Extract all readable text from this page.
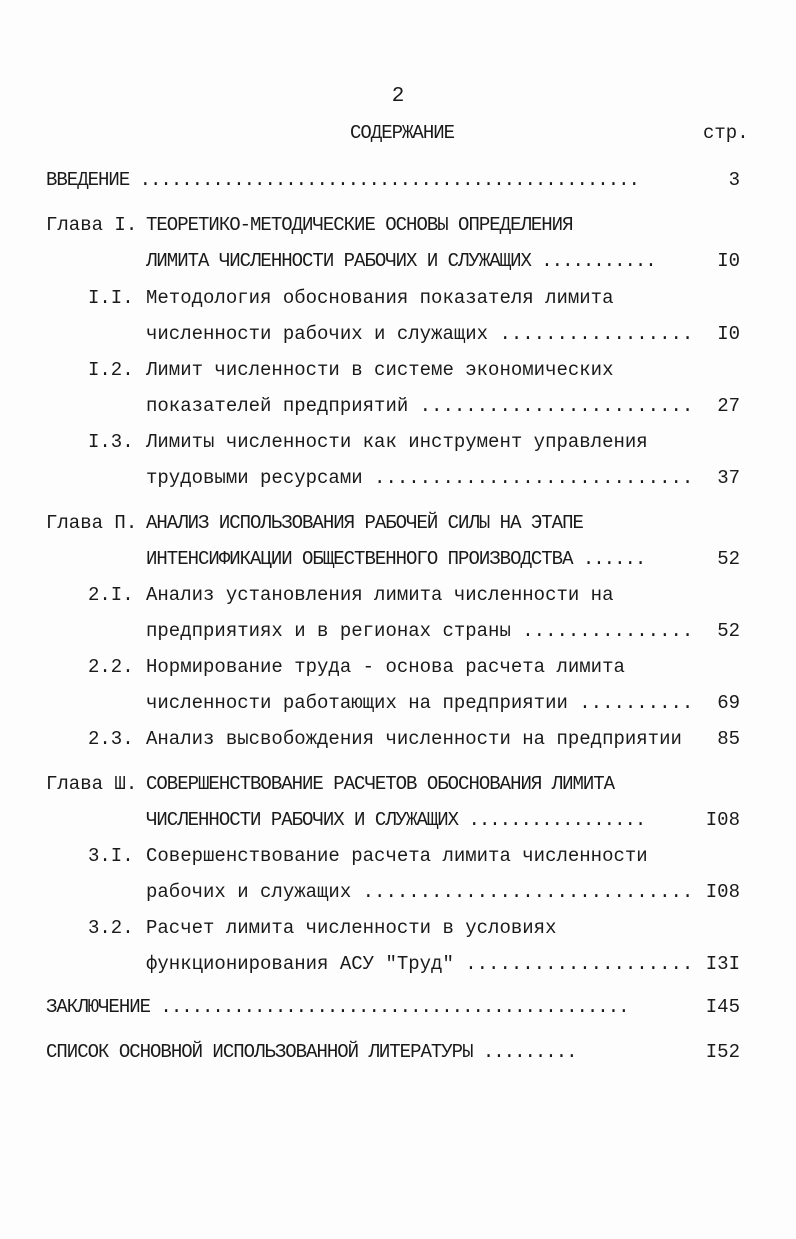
2
СОДЕРЖАНИЕ	стр.
ВВЕДЕНИЕ ................................................	3
Глава I. ТЕОРЕТИКО-МЕТОДИЧЕСКИЕ ОСНОВЫ ОПРЕДЕЛЕНИЯ
ЛИМИТА ЧИСЛЕННОСТИ РАБОЧИХ И СЛУЖАЩИХ ...........	I0
I.I. Методология обоснования показателя лимита
численности рабочих и служащих .................	I0
I.2. Лимит численности в системе экономических
показателей предприятий ........................	27
I.3. Лимиты численности как инструмент управления
трудовыми ресурсами ............................	37
Глава П. АНАЛИЗ ИСПОЛЬЗОВАНИЯ РАБОЧЕЙ СИЛЫ НА ЭТАПЕ
ИНТЕНСИФИКАЦИИ ОБЩЕСТВЕННОГО ПРОИЗВОДСТВА ......	52
2.I. Анализ установления лимита численности на
предприятиях и в регионах страны ...............	52
2.2. Нормирование труда - основа расчета лимита
численности работающих на предприятии ..........	69
2.3. Анализ высвобождения численности на предприятии	85
Глава Ш. СОВЕРШЕНСТВОВАНИЕ РАСЧЕТОВ ОБОСНОВАНИЯ ЛИМИТА
ЧИСЛЕННОСТИ РАБОЧИХ И СЛУЖАЩИХ .................	I08
3.I. Совершенствование расчета лимита численности
рабочих и служащих ............................. I08
3.2. Расчет лимита численности в условиях
функционирования АСУ "Труд" .................... I3I
ЗАКЛЮЧЕНИЕ .............................................	I45
СПИСОК ОСНОВНОЙ ИСПОЛЬЗОВАННОЙ ЛИТЕРАТУРЫ .........	I52
